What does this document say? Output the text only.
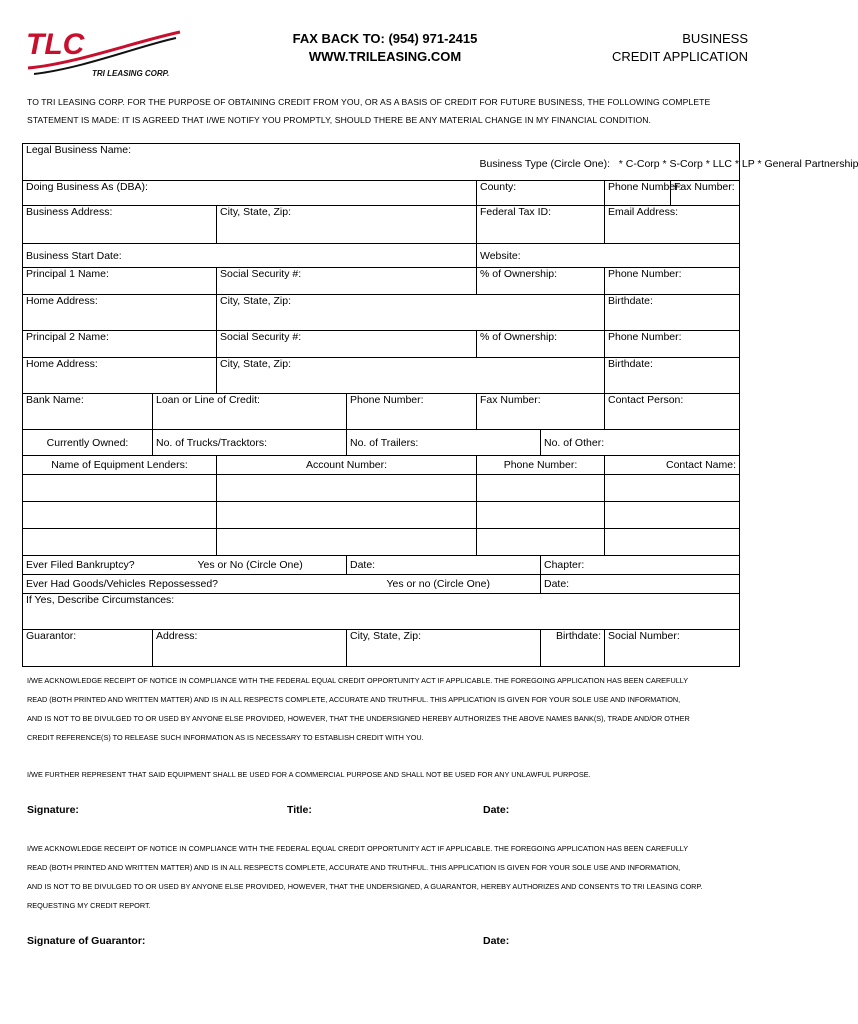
TLC
TRI LEASING CORP.
FAX BACK TO: (954) 971-2415
WWW.TRILEASING.COM
BUSINESS
CREDIT APPLICATION
TO TRI LEASING CORP. FOR THE PURPOSE OF OBTAINING CREDIT FROM YOU, OR AS A BASIS OF CREDIT FOR FUTURE BUSINESS, THE FOLLOWING COMPLETE
STATEMENT IS MADE: IT IS AGREED THAT I/WE NOTIFY YOU PROMPTLY, SHOULD THERE BE ANY MATERIAL CHANGE IN MY FINANCIAL CONDITION.
Legal Business Name:				Business Type (Circle One): * C-Corp * S-Corp * LLC * LP * General Partnership			
Doing Business As (DBA):				County:		Phone Number:	Fax Number:
Business Address:		City, State, Zip:		Federal Tax ID:		Email Address:	
Business Start Date:				Website:			
Principal 1 Name:		Social Security #:		% of Ownership:		Phone Number:	
Home Address:		City, State, Zip:				Birthdate:	
Principal 2 Name:		Social Security #:		% of Ownership:		Phone Number:	
Home Address:		City, State, Zip:				Birthdate:	
Bank Name:	Loan or Line of Credit:		Phone Number:	Fax Number:		Contact Person:	
Currently Owned:	No. of Trucks/Tracktors:		No. of Trailers:		No. of Other:		
Name of Equipment Lenders:		Account Number:		Phone Number:		Contact Name:	

Ever Filed Bankruptcy?	Yes or No (Circle One)		Date:		Chapter:		
Ever Had Goods/Vehicles Repossessed?			Yes or no (Circle One)		Date:		
If Yes, Describe Circumstances:							
Guarantor:	Address:		City, State, Zip:		Birthdate:	Social Number:	
I/WE ACKNOWLEDGE RECEIPT OF NOTICE IN COMPLIANCE WITH THE FEDERAL EQUAL CREDIT OPPORTUNITY ACT IF APPLICABLE. THE FOREGOING APPLICATION HAS BEEN CAREFULLY
READ (BOTH PRINTED AND WRITTEN MATTER) AND IS IN ALL RESPECTS COMPLETE, ACCURATE AND TRUTHFUL. THIS APPLICATION IS GIVEN FOR YOUR SOLE USE AND INFORMATION,
AND IS NOT TO BE DIVULGED TO OR USED BY ANYONE ELSE PROVIDED, HOWEVER, THAT THE UNDERSIGNED HEREBY AUTHORIZES THE ABOVE NAMES BANK(S), TRADE AND/OR OTHER
CREDIT REFERENCE(S) TO RELEASE SUCH INFORMATION AS IS NECESSARY TO ESTABLISH CREDIT WITH YOU.
I/WE FURTHER REPRESENT THAT SAID EQUIPMENT SHALL BE USED FOR A COMMERCIAL PURPOSE AND SHALL NOT BE USED FOR ANY UNLAWFUL PURPOSE.
Signature:	Title:	Date:
I/WE ACKNOWLEDGE RECEIPT OF NOTICE IN COMPLIANCE WITH THE FEDERAL EQUAL CREDIT OPPORTUNITY ACT IF APPLICABLE. THE FOREGOING APPLICATION HAS BEEN CAREFULLY
READ (BOTH PRINTED AND WRITTEN MATTER) AND IS IN ALL RESPECTS COMPLETE, ACCURATE AND TRUTHFUL. THIS APPLICATION IS GIVEN FOR YOUR SOLE USE AND INFORMATION,
AND IS NOT TO BE DIVULGED TO OR USED BY ANYONE ELSE PROVIDED, HOWEVER, THAT THE UNDERSIGNED, A GUARANTOR, HEREBY AUTHORIZES AND CONSENTS TO TRI LEASING CORP.
REQUESTING MY CREDIT REPORT.
Signature of Guarantor:	Date:
